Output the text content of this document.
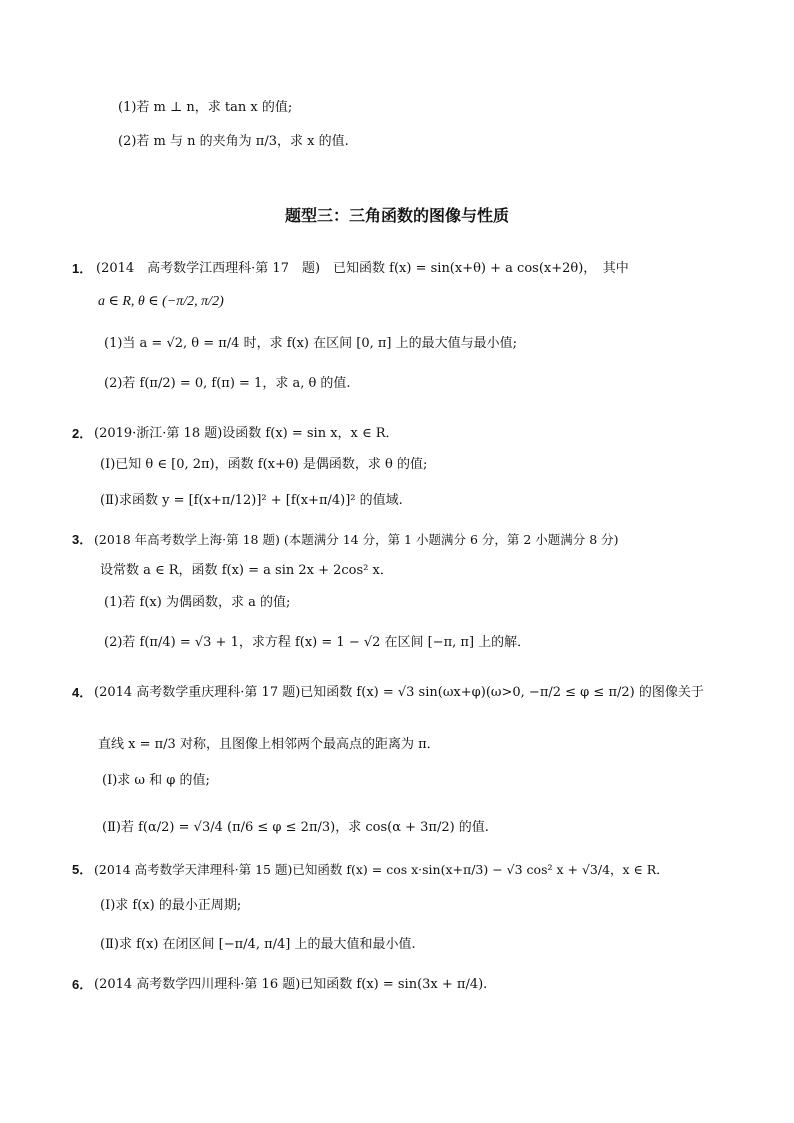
(1)若 m ⊥ n，求 tan x 的值;
(2)若 m 与 n 的夹角为 π/3，求 x 的值.
题型三：三角函数的图像与性质
1． (2014　高考数学江西理科·第 17　题)　已知函数 f(x) = sin(x+θ) + a cos(x+2θ)，　其中
a ∈ R, θ ∈ (−π/2, π/2)
(1)当 a = √2, θ = π/4 时，求 f(x) 在区间 [0, π] 上的最大值与最小值;
(2)若 f(π/2) = 0, f(π) = 1，求 a, θ 的值.
2． (2019·浙江·第 18 题)设函数 f(x) = sin x，x ∈ R．
(Ⅰ)已知 θ ∈ [0, 2π)，函数 f(x+θ) 是偶函数，求 θ 的值;
(Ⅱ)求函数 y = [f(x+π/12)]² + [f(x+π/4)]² 的值域.
3． (2018 年高考数学上海·第 18 题) (本题满分 14 分，第 1 小题满分 6 分，第 2 小题满分 8 分)
设常数 a ∈ R，函数 f(x) = a sin 2x + 2cos² x．
(1)若 f(x) 为偶函数，求 a 的值;
(2)若 f(π/4) = √3 + 1，求方程 f(x) = 1 − √2 在区间 [−π, π] 上的解．
4． (2014 高考数学重庆理科·第 17 题)已知函数 f(x) = √3 sin(ωx+φ)(ω>0, −π/2 ≤ φ ≤ π/2) 的图像关于
直线 x = π/3 对称，且图像上相邻两个最高点的距离为 π．
(Ⅰ)求 ω 和 φ 的值;
(Ⅱ)若 f(α/2) = √3/4 (π/6 ≤ φ ≤ 2π/3)，求 cos(α + 3π/2) 的值.
5． (2014 高考数学天津理科·第 15 题)已知函数 f(x) = cos x·sin(x+π/3) − √3 cos² x + √3/4，x ∈ R．
(Ⅰ)求 f(x) 的最小正周期;
(Ⅱ)求 f(x) 在闭区间 [−π/4, π/4] 上的最大值和最小值.
6． (2014 高考数学四川理科·第 16 题)已知函数 f(x) = sin(3x + π/4).
